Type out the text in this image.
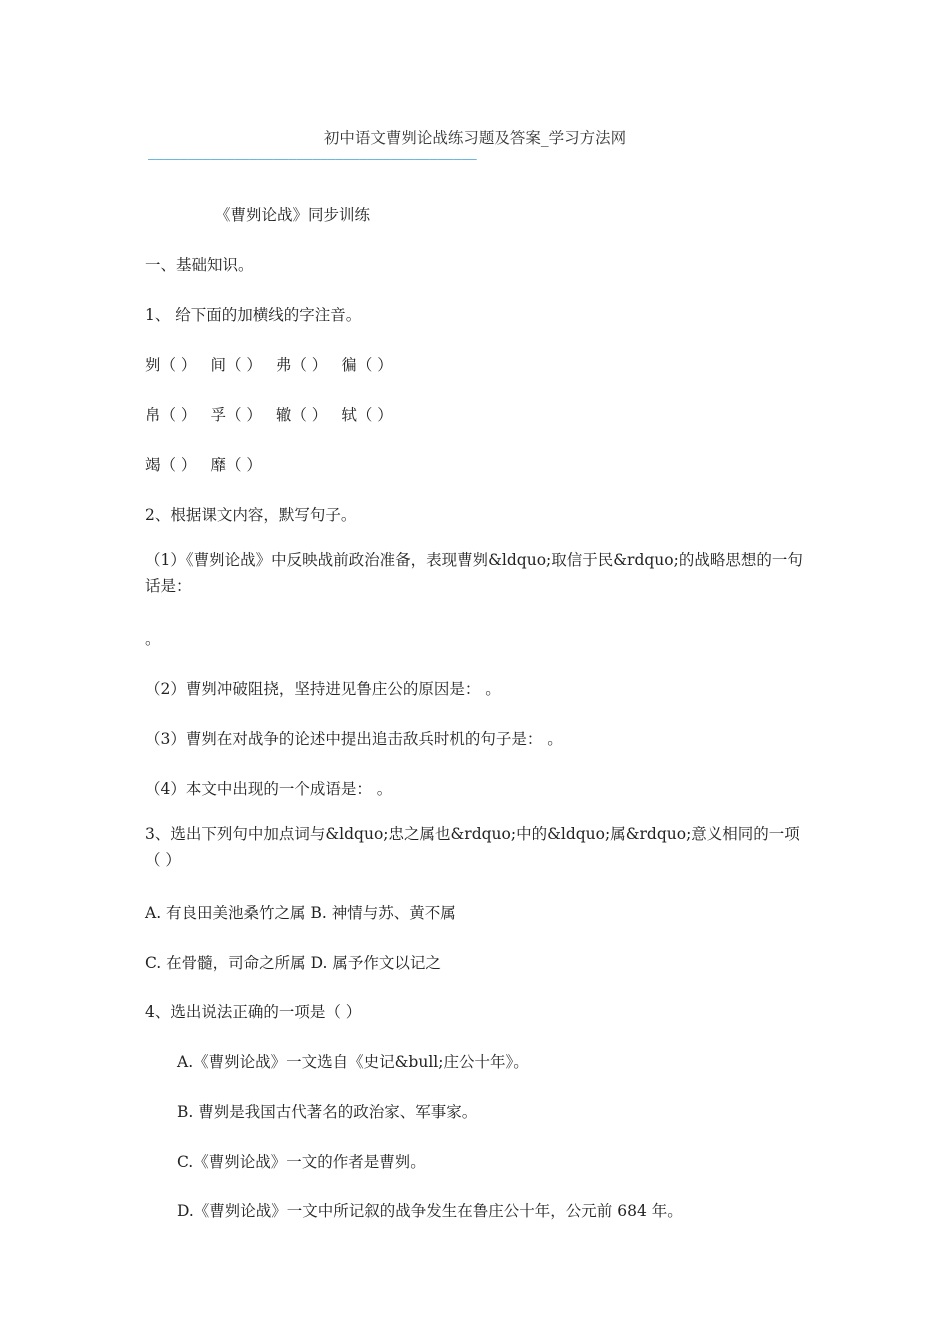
初中语文曹刿论战练习题及答案_学习方法网
——————————————————————————————————————————
《曹刿论战》同步训练
一、基础知识。
1、 给下面的加横线的字注音。
刿（ ） 间（ ） 弗（ ） 徧（ ）
帛（ ） 孚（ ） 辙（ ） 轼（ ）
竭（ ） 靡（ ）
2、根据课文内容，默写句子。
（1）《曹刿论战》中反映战前政治准备，表现曹刿&ldquo;取信于民&rdquo;的战略思想的一句话是：
。
（2）曹刿冲破阻挠，坚持进见鲁庄公的原因是： 。
（3）曹刿在对战争的论述中提出追击敌兵时机的句子是： 。
（4）本文中出现的一个成语是： 。
3、选出下列句中加点词与&ldquo;忠之属也&rdquo;中的&ldquo;属&rdquo;意义相同的一项（ ）
A. 有良田美池桑竹之属 B. 神情与苏、黄不属
C. 在骨髓，司命之所属 D. 属予作文以记之
4、选出说法正确的一项是（ ）
A.《曹刿论战》一文选自《史记&bull;庄公十年》。
B. 曹刿是我国古代著名的政治家、军事家。
C.《曹刿论战》一文的作者是曹刿。
D.《曹刿论战》一文中所记叙的战争发生在鲁庄公十年，公元前 684 年。
